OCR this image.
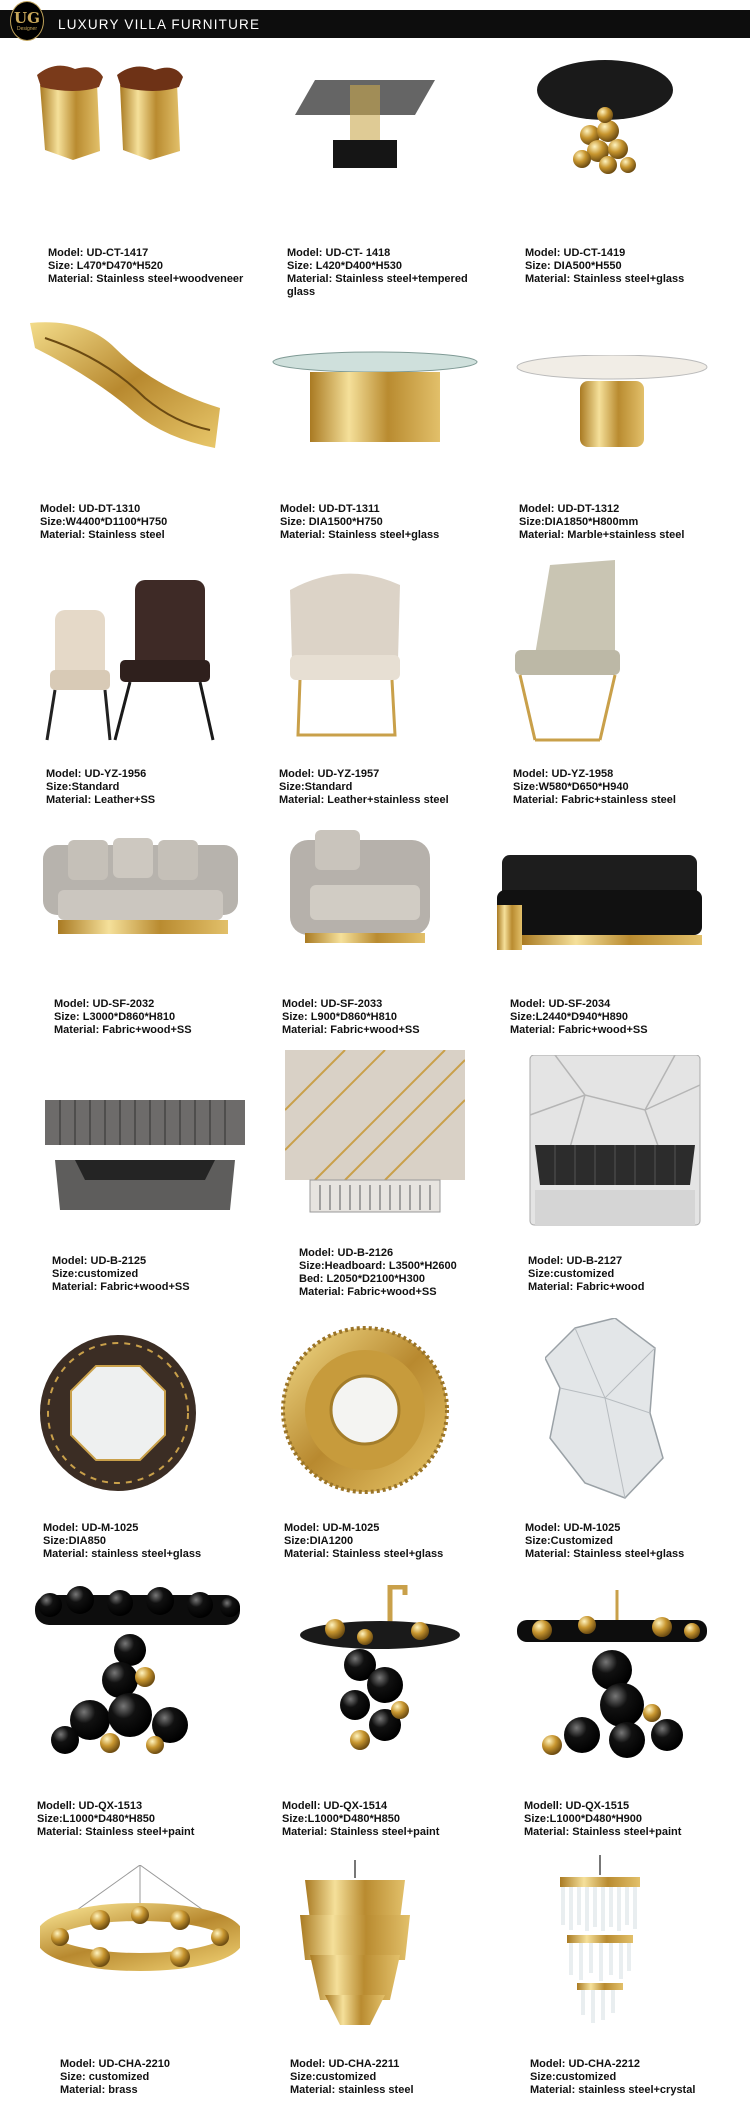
LUXURY VILLA FURNITURE
UG
Designer
Model: UD-CT-1417
Size: L470*D470*H520
Material: Stainless steel+woodveneer
Model: UD-CT- 1418
Size: L420*D400*H530
Material: Stainless steel+tempered
glass
Model: UD-CT-1419
Size: DIA500*H550
Material: Stainless steel+glass
Model: UD-DT-1310
Size:W4400*D1100*H750
Material: Stainless steel
Model: UD-DT-1311
Size: DIA1500*H750
Material: Stainless steel+glass
Model: UD-DT-1312
Size:DIA1850*H800mm
Material: Marble+stainless steel
Model: UD-YZ-1956
Size:Standard
Material: Leather+SS
Model: UD-YZ-1957
Size:Standard
Material: Leather+stainless steel
Model: UD-YZ-1958
Size:W580*D650*H940
Material: Fabric+stainless steel
Model: UD-SF-2032
Size: L3000*D860*H810
Material: Fabric+wood+SS
Model: UD-SF-2033
Size: L900*D860*H810
Material: Fabric+wood+SS
Model: UD-SF-2034
Size:L2440*D940*H890
Material: Fabric+wood+SS
Model: UD-B-2125
Size:customized
Material: Fabric+wood+SS
Model: UD-B-2126
Size:Headboard: L3500*H2600
Bed: L2050*D2100*H300
Material: Fabric+wood+SS
Model: UD-B-2127
Size:customized
Material: Fabric+wood
Model: UD-M-1025
Size:DIA850
Material: stainless steel+glass
Model: UD-M-1025
Size:DIA1200
Material: Stainless steel+glass
Model: UD-M-1025
Size:Customized
Material: Stainless steel+glass
Modell: UD-QX-1513
Size:L1000*D480*H850
Material: Stainless steel+paint
Modell: UD-QX-1514
Size:L1000*D480*H850
Material: Stainless steel+paint
Modell: UD-QX-1515
Size:L1000*D480*H900
Material: Stainless steel+paint
Model: UD-CHA-2210
Size: customized
Material: brass
Model: UD-CHA-2211
Size:customized
Material: stainless steel
Model: UD-CHA-2212
Size:customized
Material: stainless steel+crystal
